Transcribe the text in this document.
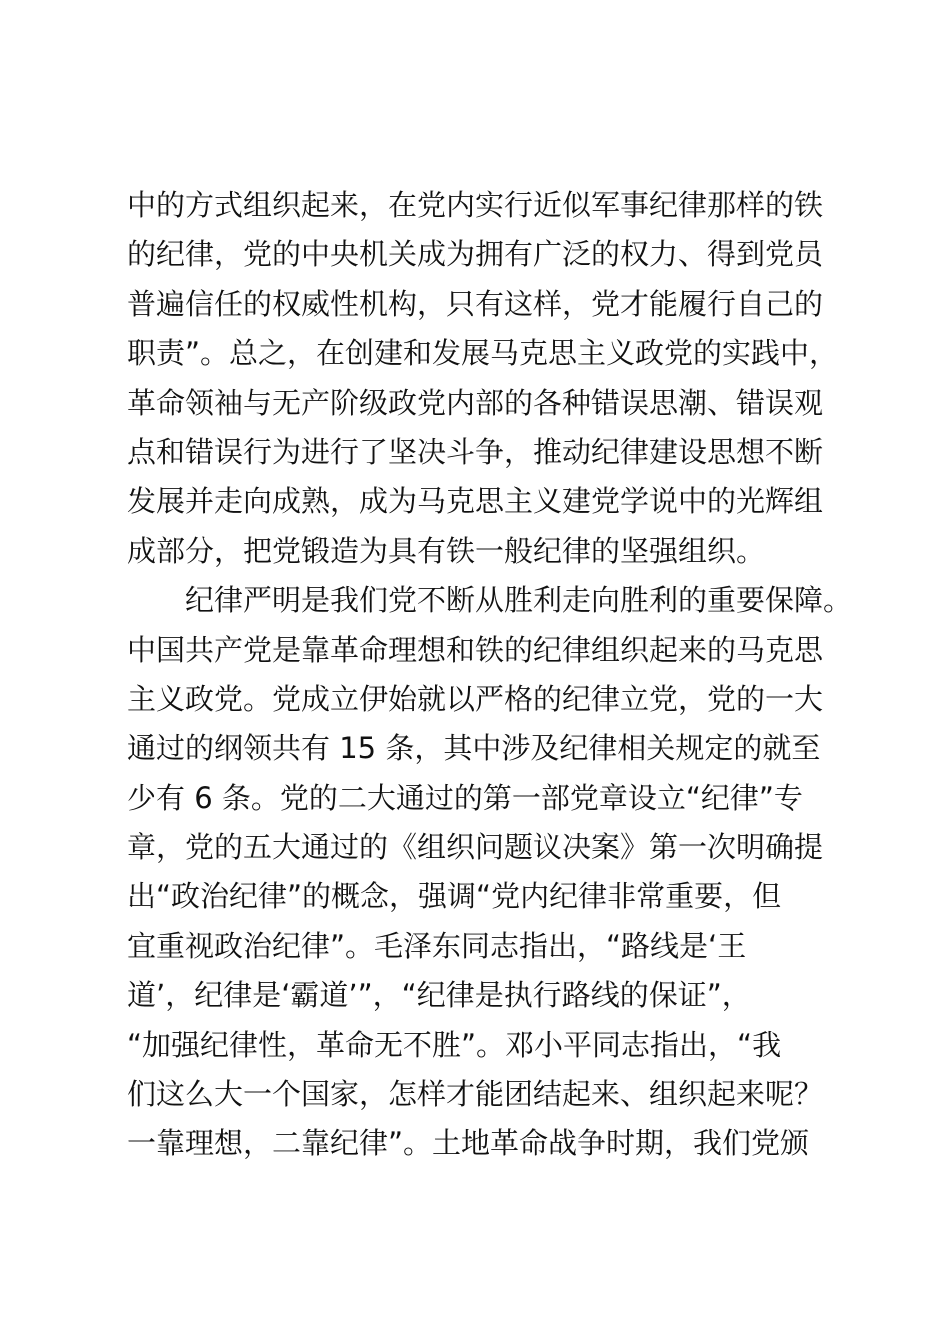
中的方式组织起来，在党内实行近似军事纪律那样的铁
的纪律，党的中央机关成为拥有广泛的权力、得到党员
普遍信任的权威性机构，只有这样，党才能履行自己的
职责”。总之，在创建和发展马克思主义政党的实践中，
革命领袖与无产阶级政党内部的各种错误思潮、错误观
点和错误行为进行了坚决斗争，推动纪律建设思想不断
发展并走向成熟，成为马克思主义建党学说中的光辉组
成部分，把党锻造为具有铁一般纪律的坚强组织。
纪律严明是我们党不断从胜利走向胜利的重要保障。
中国共产党是靠革命理想和铁的纪律组织起来的马克思
主义政党。党成立伊始就以严格的纪律立党，党的一大
通过的纲领共有 15 条，其中涉及纪律相关规定的就至
少有 6 条。党的二大通过的第一部党章设立“纪律”专
章，党的五大通过的《组织问题议决案》第一次明确提
出“政治纪律”的概念，强调“党内纪律非常重要，但
宜重视政治纪律”。毛泽东同志指出，“路线是‘王
道’，纪律是‘霸道’”，“纪律是执行路线的保证”，
“加强纪律性，革命无不胜”。邓小平同志指出，“我
们这么大一个国家，怎样才能团结起来、组织起来呢？
一靠理想，二靠纪律”。土地革命战争时期，我们党颁
